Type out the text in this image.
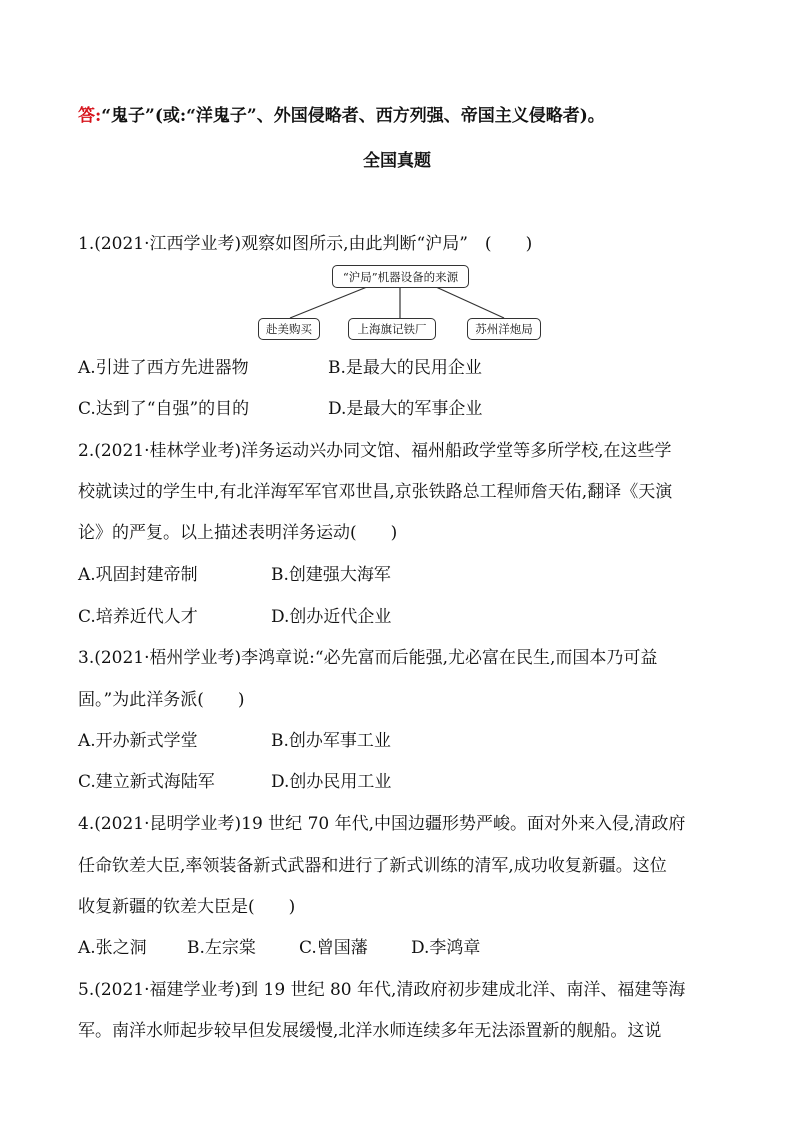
答:“鬼子”(或:“洋鬼子”、外国侵略者、西方列强、帝国主义侵略者)。
全国真题
1.(2021·江西学业考)观察如图所示,由此判断“沪局”　(　　)
“沪局”机器设备的来源
赴美购买	上海旗记铁厂	苏州洋炮局
A.引进了西方先进器物	B.是最大的民用企业
C.达到了“自强”的目的	D.是最大的军事企业
2.(2021·桂林学业考)洋务运动兴办同文馆、福州船政学堂等多所学校,在这些学
校就读过的学生中,有北洋海军军官邓世昌,京张铁路总工程师詹天佑,翻译《天演
论》的严复。以上描述表明洋务运动(　　)
A.巩固封建帝制	B.创建强大海军
C.培养近代人才	D.创办近代企业
3.(2021·梧州学业考)李鸿章说:“必先富而后能强,尤必富在民生,而国本乃可益
固。”为此洋务派(　　)
A.开办新式学堂	B.创办军事工业
C.建立新式海陆军	D.创办民用工业
4.(2021·昆明学业考)19 世纪 70 年代,中国边疆形势严峻。面对外来入侵,清政府
任命钦差大臣,率领装备新式武器和进行了新式训练的清军,成功收复新疆。这位
收复新疆的钦差大臣是(　　)
A.张之洞 B.左宗棠	C.曾国藩	D.李鸿章
5.(2021·福建学业考)到 19 世纪 80 年代,清政府初步建成北洋、南洋、福建等海
军。南洋水师起步较早但发展缓慢,北洋水师连续多年无法添置新的舰船。这说
